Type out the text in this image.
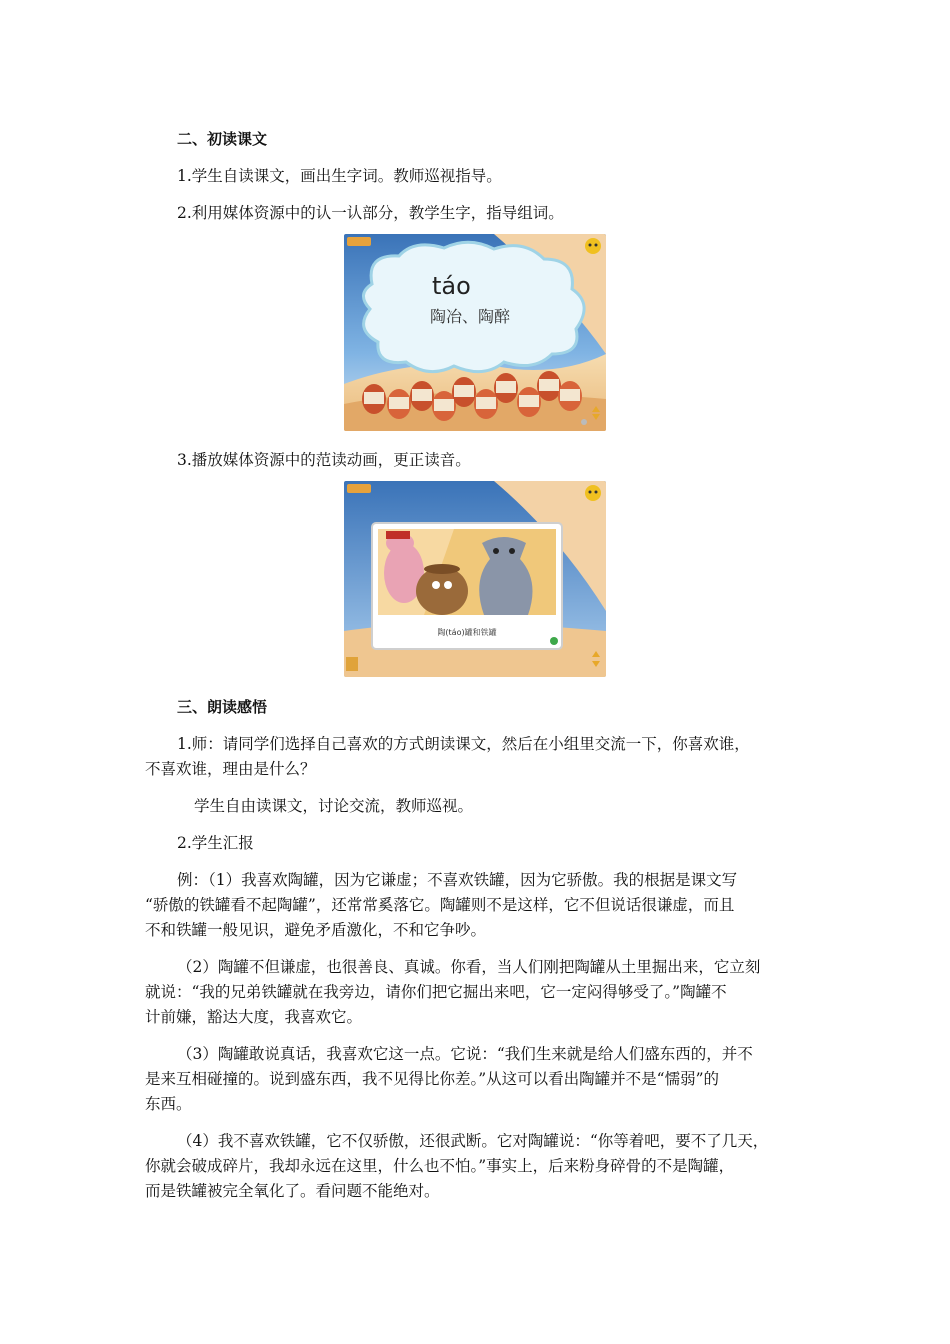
二、初读课文
1.学生自读课文，画出生字词。教师巡视指导。
2.利用媒体资源中的认一认部分，教学生字，指导组词。
táo
陶冶、陶醉
3.播放媒体资源中的范读动画，更正读音。
陶(táo)罐和铁罐
三、朗读感悟
1.师：请同学们选择自己喜欢的方式朗读课文，然后在小组里交流一下，你喜欢谁，
不喜欢谁，理由是什么？
学生自由读课文，讨论交流，教师巡视。
2.学生汇报
例：（1）我喜欢陶罐，因为它谦虚；不喜欢铁罐，因为它骄傲。我的根据是课文写
“骄傲的铁罐看不起陶罐”，还常常奚落它。陶罐则不是这样，它不但说话很谦虚，而且
不和铁罐一般见识，避免矛盾激化，不和它争吵。
（2）陶罐不但谦虚，也很善良、真诚。你看，当人们刚把陶罐从土里掘出来，它立刻
就说：“我的兄弟铁罐就在我旁边，请你们把它掘出来吧，它一定闷得够受了。”陶罐不
计前嫌，豁达大度，我喜欢它。
（3）陶罐敢说真话，我喜欢它这一点。它说：“我们生来就是给人们盛东西的，并不
是来互相碰撞的。说到盛东西，我不见得比你差。”从这可以看出陶罐并不是“懦弱”的
东西。
（4）我不喜欢铁罐，它不仅骄傲，还很武断。它对陶罐说：“你等着吧，要不了几天，
你就会破成碎片，我却永远在这里，什么也不怕。”事实上，后来粉身碎骨的不是陶罐，
而是铁罐被完全氧化了。看问题不能绝对。
